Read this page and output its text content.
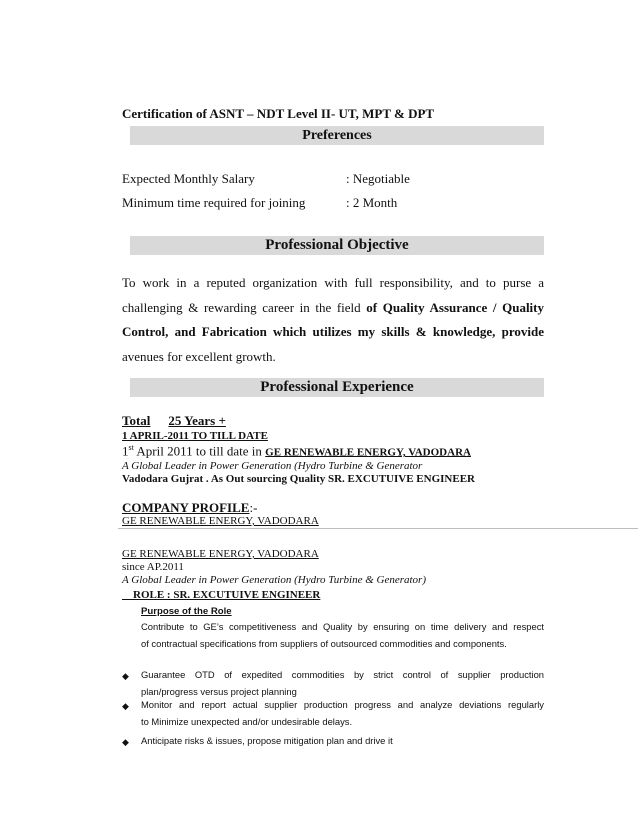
Certification of ASNT – NDT Level II- UT, MPT & DPT
Preferences
Expected Monthly Salary	: Negotiable
Minimum time required for joining	: 2 Month
Professional Objective
To work in a reputed organization with full responsibility, and to purse a
challenging & rewarding career in the field of Quality Assurance / Quality
Control, and Fabrication which utilizes my skills & knowledge, provide
avenues for excellent growth.
Professional Experience
Total 25 Years +
1 APRIL-2011 TO TILL DATE
1st April 2011 to till date in GE RENEWABLE ENERGY, VADODARA
A Global Leader in Power Generation (Hydro Turbine & Generator
Vadodara Gujrat . As Out sourcing Quality SR. EXCUTUIVE ENGINEER
COMPANY PROFILE:-
GE RENEWABLE ENERGY, VADODARA
GE RENEWABLE ENERGY, VADODARA
since AP.2011
A Global Leader in Power Generation (Hydro Turbine & Generator)
ROLE : SR. EXCUTUIVE ENGINEER
Purpose of the Role
Contribute to GE’s competitiveness and Quality by ensuring on time delivery and respect
of contractual specifications from suppliers of outsourced commodities and components.
◆ Guarantee  OTD  of  expedited  commodities  by  strict  control  of  supplier  production
plan/progress versus project planning
◆ Monitor and report actual supplier production progress and analyze deviations regularly
to Minimize unexpected and/or undesirable delays.
◆ Anticipate risks & issues, propose mitigation plan and drive it
